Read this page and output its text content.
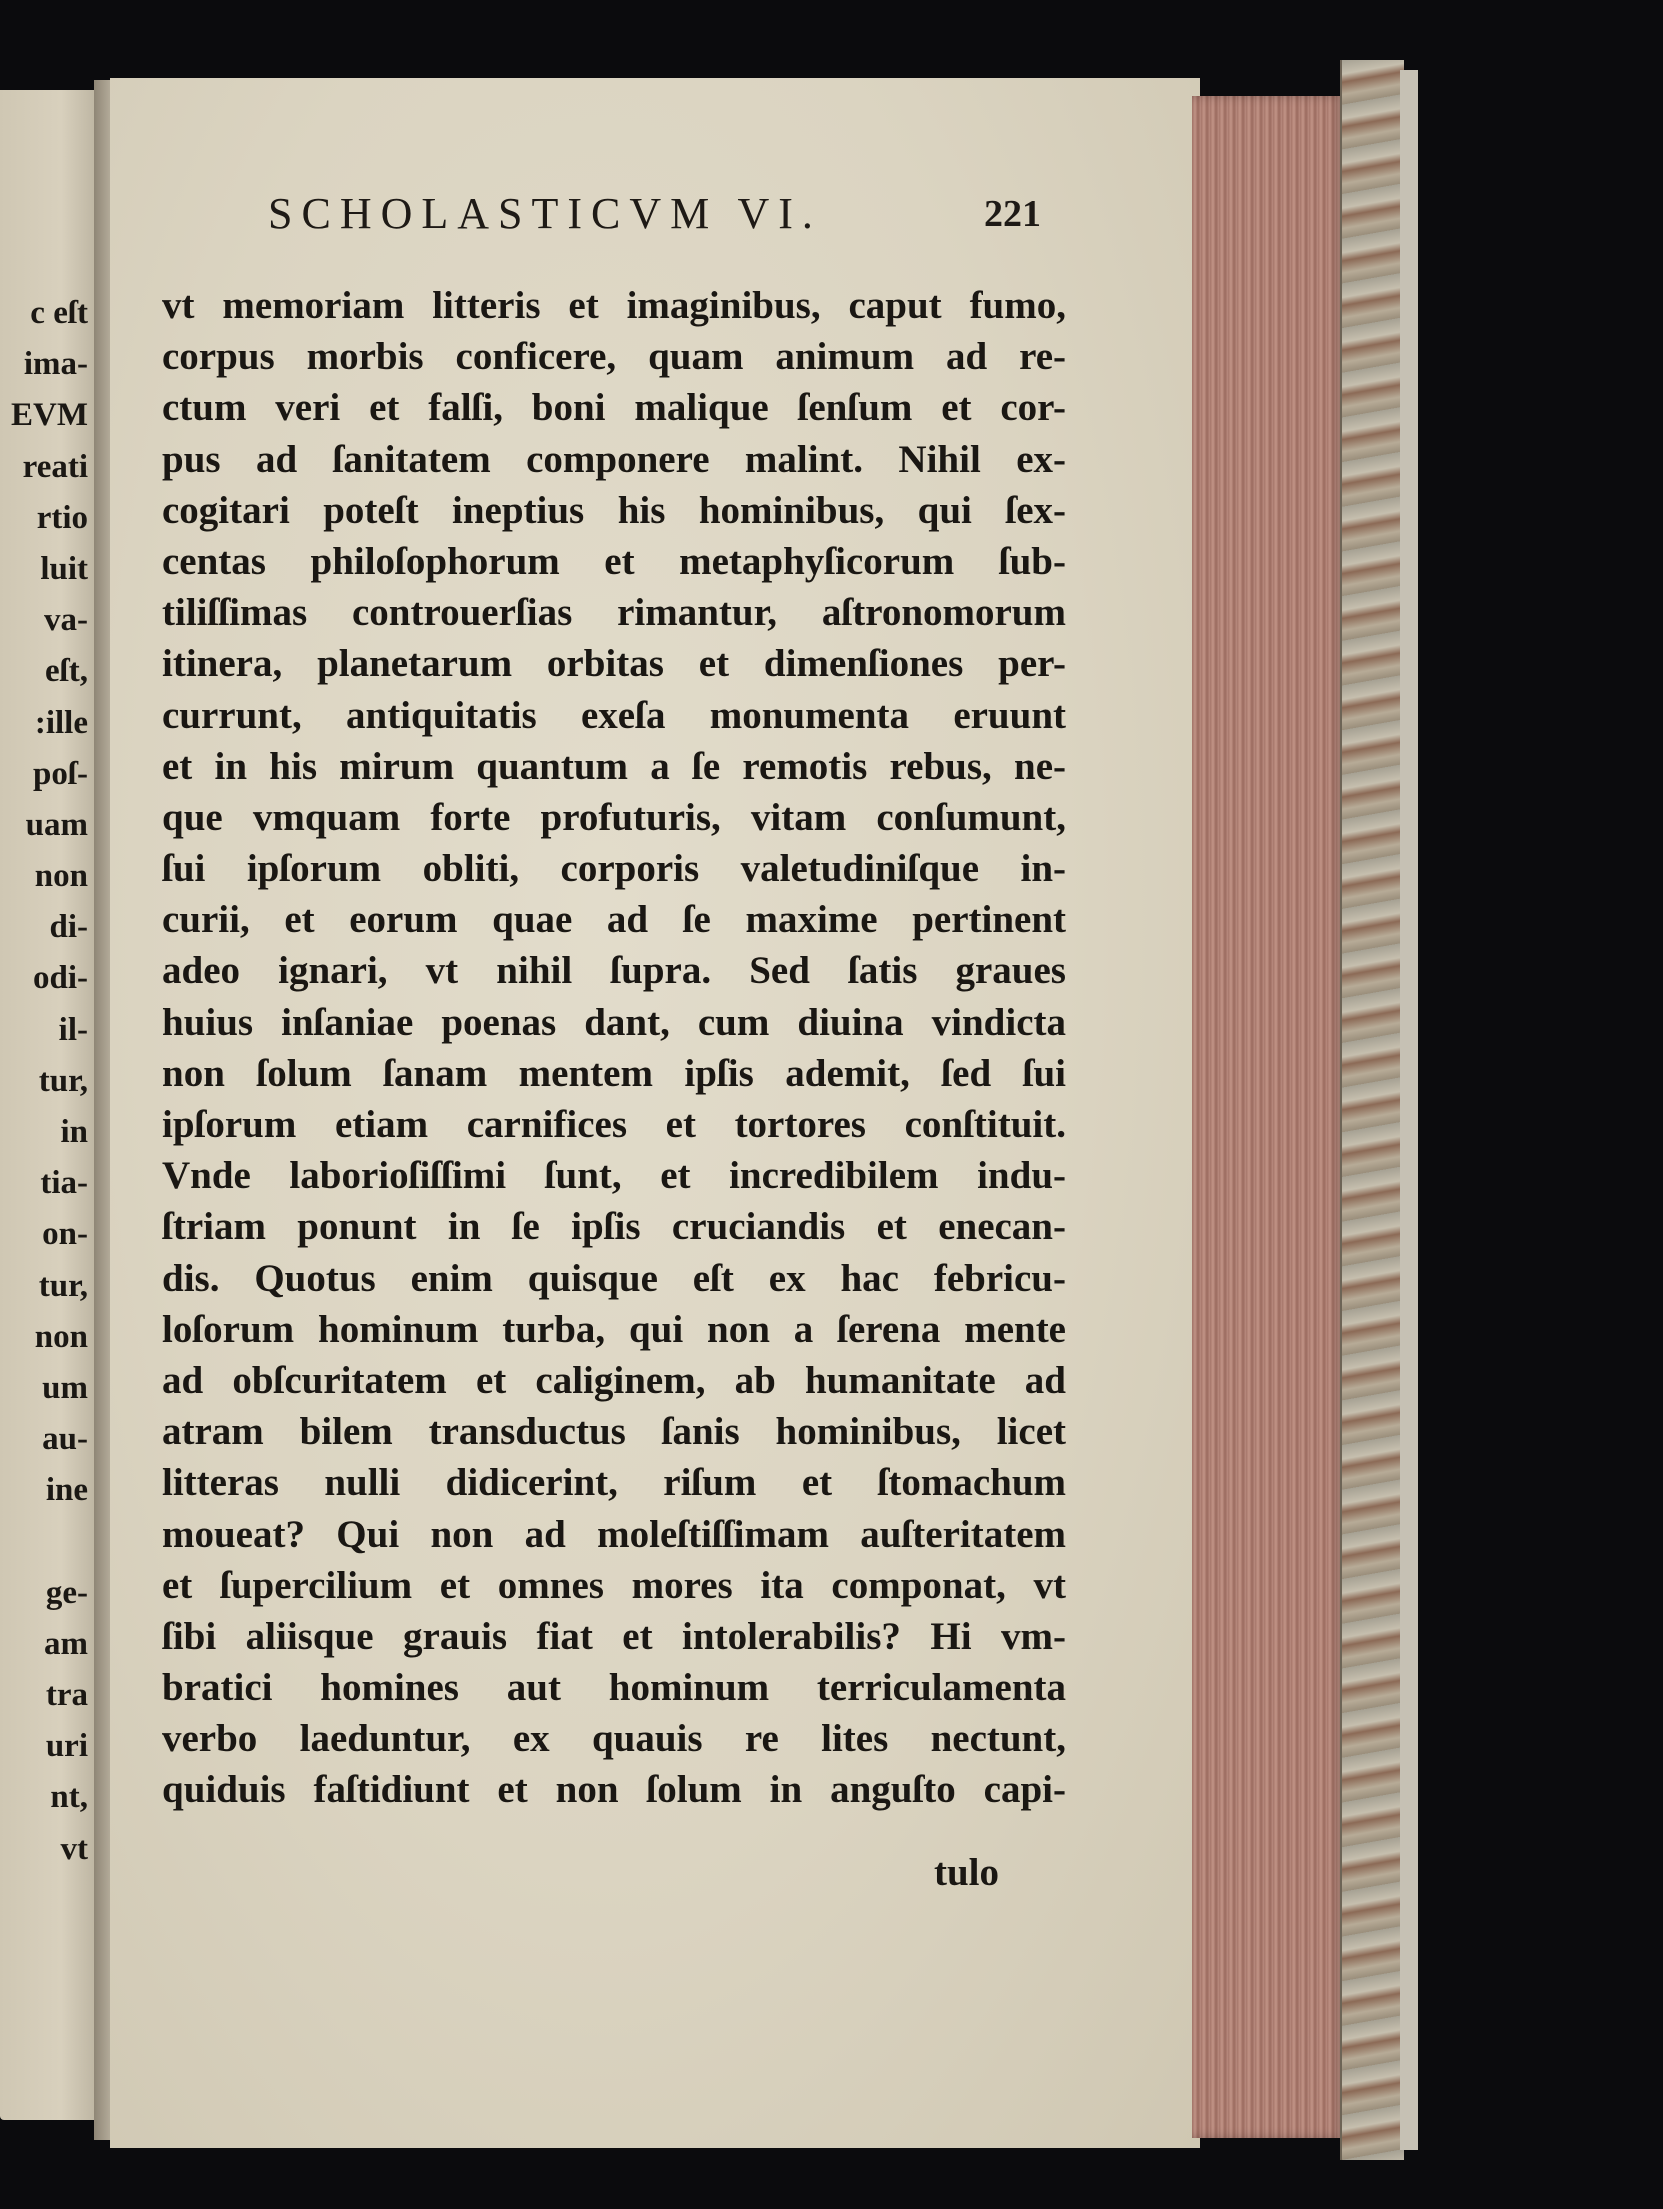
c eſt
ima-
EVM
reati
rtio
luit
va-
eſt,
:ille
poſ-
uam
non
di-
odi-
il-
tur,
in
tia-
on-
tur,
non
um
au-
ine
ge-
am
tra
uri
nt,
vt
SCHOLASTICVM VI.	221
vt memoriam litteris et imaginibus, caput fumo,
corpus morbis conficere, quam animum ad re-
ctum veri et falſi, boni malique ſenſum et cor-
pus ad ſanitatem componere malint. Nihil ex-
cogitari poteſt ineptius his hominibus, qui ſex-
centas philoſophorum et metaphyſicorum ſub-
tiliſſimas controuerſias rimantur, aſtronomorum
itinera, planetarum orbitas et dimenſiones per-
currunt, antiquitatis exeſa monumenta eruunt
et in his mirum quantum a ſe remotis rebus, ne-
que vmquam forte profuturis, vitam conſumunt,
ſui ipſorum obliti, corporis valetudiniſque in-
curii, et eorum quae ad ſe maxime pertinent
adeo ignari, vt nihil ſupra. Sed ſatis graues
huius inſaniae poenas dant, cum diuina vindicta
non ſolum ſanam mentem ipſis ademit, ſed ſui
ipſorum etiam carnifices et tortores conſtituit.
Vnde laborioſiſſimi ſunt, et incredibilem indu-
ſtriam ponunt in ſe ipſis cruciandis et enecan-
dis. Quotus enim quisque eſt ex hac febricu-
loſorum hominum turba, qui non a ſerena mente
ad obſcuritatem et caliginem, ab humanitate ad
atram bilem transductus ſanis hominibus, licet
litteras nulli didicerint, riſum et ſtomachum
moueat? Qui non ad moleſtiſſimam auſteritatem
et ſupercilium et omnes mores ita componat, vt
ſibi aliisque grauis fiat et intolerabilis? Hi vm-
bratici homines aut hominum terriculamenta
verbo laeduntur, ex quauis re lites nectunt,
quiduis faſtidiunt et non ſolum in anguſto capi-
tulo
